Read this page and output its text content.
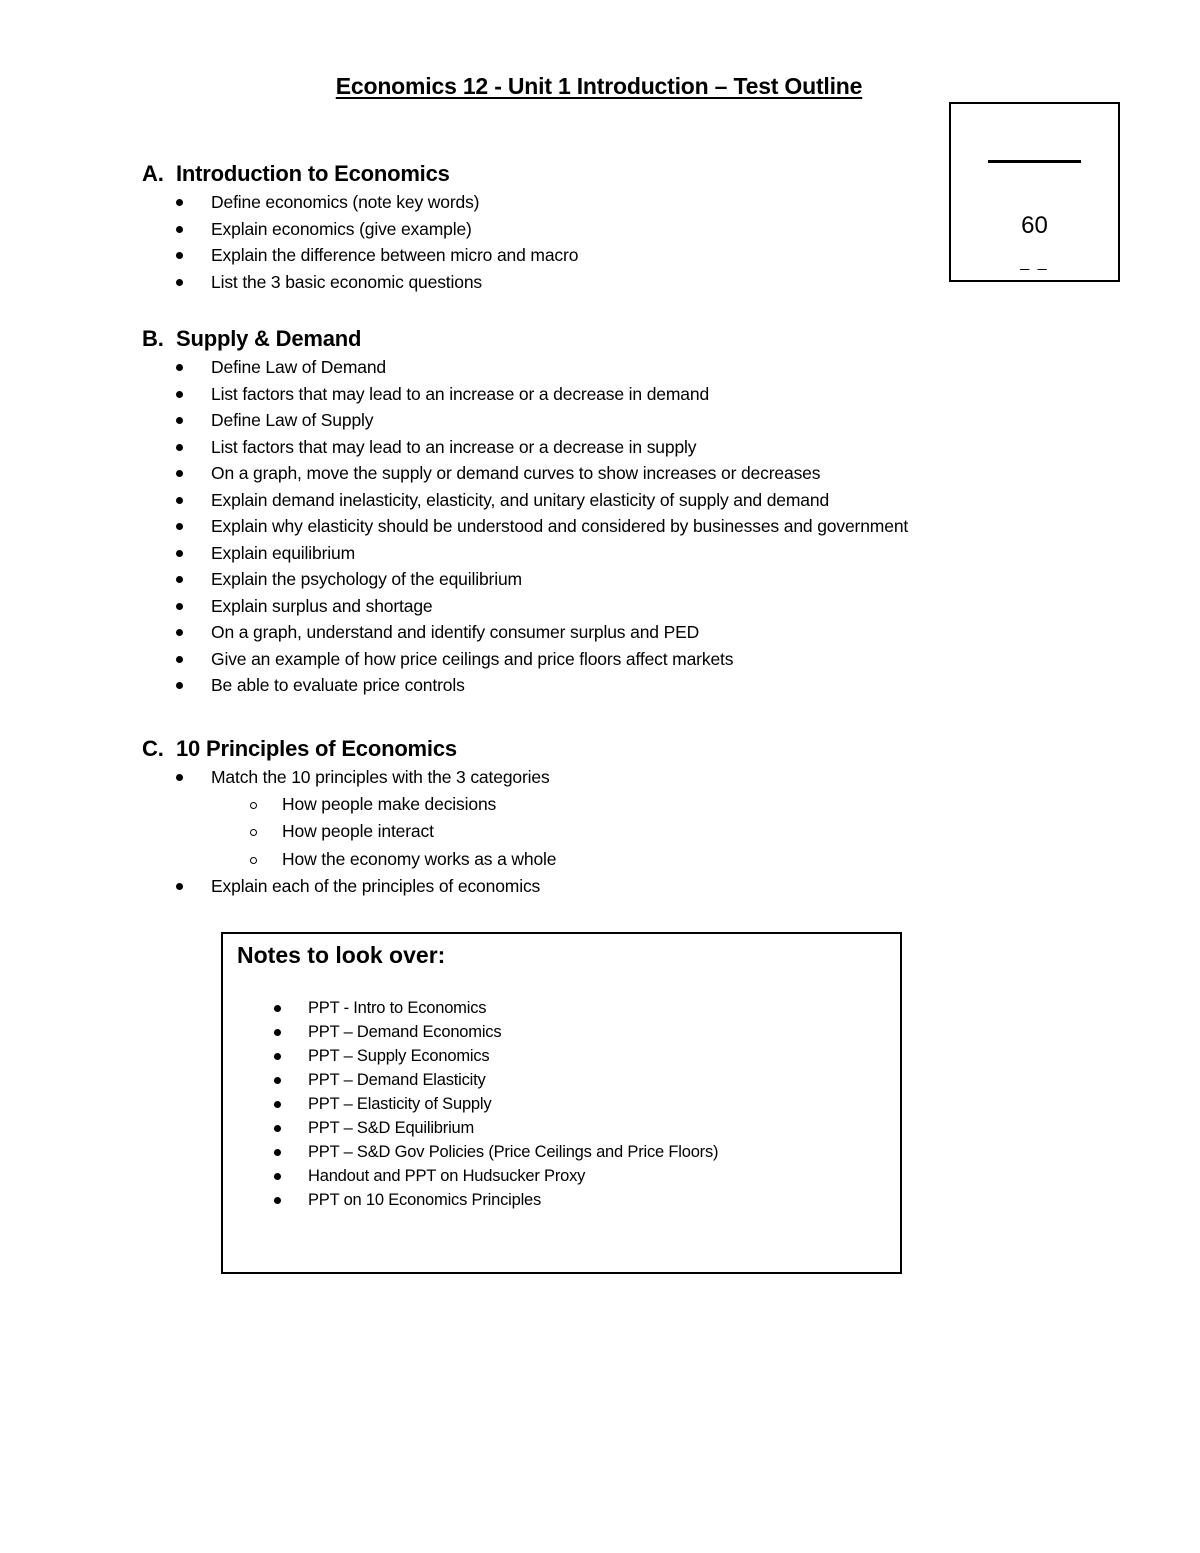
Economics 12 - Unit 1 Introduction – Test Outline
60
_ _
A. Introduction to Economics
Define economics (note key words)
Explain economics (give example)
Explain the difference between micro and macro
List the 3 basic economic questions
B. Supply & Demand
Define Law of Demand
List factors that may lead to an increase or a decrease in demand
Define Law of Supply
List factors that may lead to an increase or a decrease in supply
On a graph, move the supply or demand curves to show increases or decreases
Explain demand inelasticity, elasticity, and unitary elasticity of supply and demand
Explain why elasticity should be understood and considered by businesses and government
Explain equilibrium
Explain the psychology of the equilibrium
Explain surplus and shortage
On a graph, understand and identify consumer surplus and PED
Give an example of how price ceilings and price floors affect markets
Be able to evaluate price controls
C. 10 Principles of Economics
Match the 10 principles with the 3 categories
How people make decisions
How people interact
How the economy works as a whole
Explain each of the principles of economics
Notes to look over:
PPT - Intro to Economics
PPT – Demand Economics
PPT – Supply Economics
PPT – Demand Elasticity
PPT – Elasticity of Supply
PPT – S&D Equilibrium
PPT – S&D Gov Policies (Price Ceilings and Price Floors)
Handout and PPT on Hudsucker Proxy
PPT on 10 Economics Principles
